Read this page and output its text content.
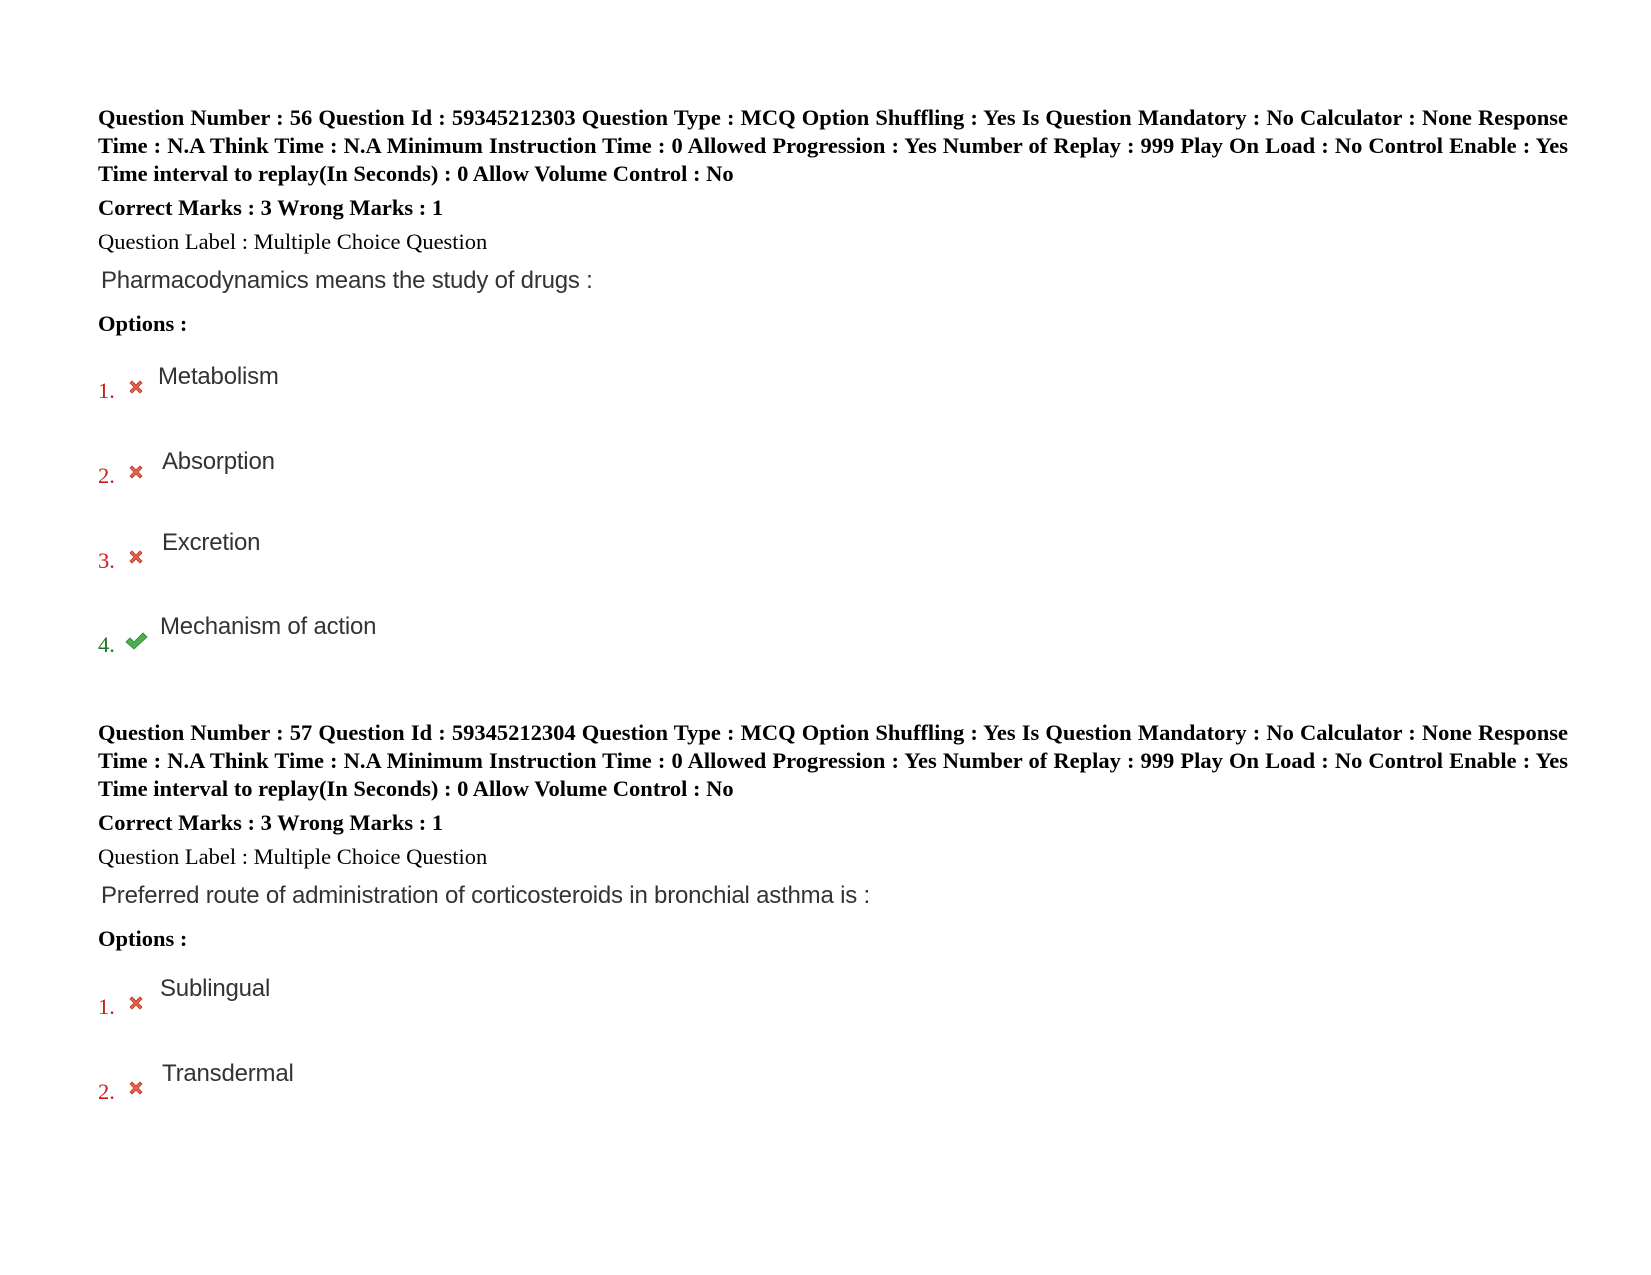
Question Number : 56 Question Id : 59345212303 Question Type : MCQ Option Shuffling : Yes Is Question Mandatory : No Calculator : None Response Time : N.A Think Time : N.A Minimum Instruction Time : 0 Allowed Progression : Yes Number of Replay : 999 Play On Load : No Control Enable : Yes Time interval to replay(In Seconds) : 0 Allow Volume Control : No

Correct Marks : 3 Wrong Marks : 1
Question Label : Multiple Choice Question
Pharmacodynamics means the study of drugs :
Options :
1.
Metabolism
2.
Absorption
3.
Excretion
4.
Mechanism of action

Question Number : 57 Question Id : 59345212304 Question Type : MCQ Option Shuffling : Yes Is Question Mandatory : No Calculator : None Response Time : N.A Think Time : N.A Minimum Instruction Time : 0 Allowed Progression : Yes Number of Replay : 999 Play On Load : No Control Enable : Yes Time interval to replay(In Seconds) : 0 Allow Volume Control : No

Correct Marks : 3 Wrong Marks : 1
Question Label : Multiple Choice Question
Preferred route of administration of corticosteroids in bronchial asthma is :
Options :
1.
Sublingual
2.
Transdermal
